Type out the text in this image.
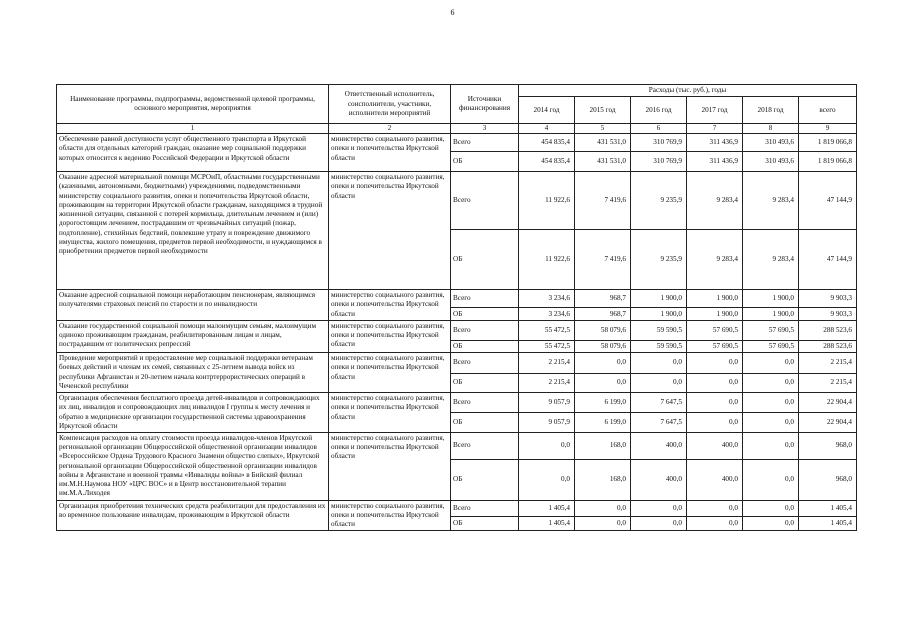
6
Наименование программы, подпрограммы, ведомственной целевой программы, основного мероприятия, мероприятия	Ответственный исполнитель, соисполнители, участники, исполнители мероприятий	Источники финансирования	Расходы (тыс. руб.), годы					
			2014 год	2015 год	2016 год	2017 год	2018 год	всего
1	2	3	4	5	6	7	8	9
Обеспечение равной доступности услуг общественного транспорта в Иркутской области для отдельных категорий граждан, оказание мер социальной поддержки которых относится к ведению Российской Федерации и Иркутской области	министерство социального развития, опеки и попечительства Иркутской области	Всего	454 835,4	431 531,0	310 769,9	311 436,9	310 493,6	1 819 066,8
		ОБ	454 835,4	431 531,0	310 769,9	311 436,9	310 493,6	1 819 066,8
Оказание адресной материальной помощи МСРОиП, областными государственными (казенными, автономными, бюджетными) учреждениями, подведомственными министерству социального развития, опеки и попечительства Иркутской области, проживающим на территории Иркутской области гражданам, находящимся в трудной жизненной ситуации, связанной с потерей кормильца, длительным лечением и (или) дорогостоящим лечением, пострадавшим от чрезвычайных ситуаций (пожар, подтопление), стихийных бедствий, повлекшие утрату и повреждение движимого имущества, жилого помещения, предметов первой необходимости, и нуждающимся в приобретении предметов первой необходимости	министерство социального развития, опеки и попечительства Иркутской области	Всего	11 922,6	7 419,6	9 235,9	9 283,4	9 283,4	47 144,9
		ОБ	11 922,6	7 419,6	9 235,9	9 283,4	9 283,4	47 144,9
Оказание адресной социальной помощи неработающим пенсионерам, являющимся получателями страховых пенсий по старости и по инвалидности	министерство социального развития, опеки и попечительства Иркутской области	Всего	3 234,6	968,7	1 900,0	1 900,0	1 900,0	9 903,3
		ОБ	3 234,6	968,7	1 900,0	1 900,0	1 900,0	9 903,3
Оказание государственной социальной помощи малоимущим семьям, малоимущим одиноко проживающим гражданам, реабилитированным лицам и лицам, пострадавшим от политических репрессий	министерство социального развития, опеки и попечительства Иркутской области	Всего	55 472,5	58 079,6	59 590,5	57 690,5	57 690,5	288 523,6
		ОБ	55 472,5	58 079,6	59 590,5	57 690,5	57 690,5	288 523,6
Проведение мероприятий и предоставление мер социальной поддержки ветеранам боевых действий и членам их семей, связанных с 25-летием вывода войск из республики Афганистан и 20-летием начала контртеррористических операций в Чеченской республики	министерство социального развития, опеки и попечительства Иркутской области	Всего	2 215,4	0,0	0,0	0,0	0,0	2 215,4
		ОБ	2 215,4	0,0	0,0	0,0	0,0	2 215,4
Организация обеспечения бесплатного проезда детей-инвалидов и сопровождающих их лиц, инвалидов и сопровождающих лиц инвалидов I группы к месту лечения и обратно в медицинские организации государственной системы здравоохранения Иркутской области	министерство социального развития, опеки и попечительства Иркутской области	Всего	9 057,9	6 199,0	7 647,5	0,0	0,0	22 904,4
		ОБ	9 057,9	6 199,0	7 647,5	0,0	0,0	22 904,4
Компенсация расходов на оплату стоимости проезда инвалидов-членов Иркутской региональной организации Общероссийской общественной организации инвалидов «Всероссийское Ордена Трудового Красного Знамени общество слепых», Иркутской региональной организации Общероссийской общественной организации инвалидов войны в Афганистане и военной травмы «Инвалиды войны» в Бийский филиал им.М.Н.Наумова НОУ «ЦРС ВОС» и в Центр восстановительной терапии им.М.А.Лиходея	министерство социального развития, опеки и попечительства Иркутской области	Всего	0,0	168,0	400,0	400,0	0,0	968,0
		ОБ	0,0	168,0	400,0	400,0	0,0	968,0
Организация приобретения технических средств реабилитации для предоставления их во временное пользование инвалидам, проживающим в Иркутской области	министерство социального развития, опеки и попечительства Иркутской области	Всего	1 405,4	0,0	0,0	0,0	0,0	1 405,4
		ОБ	1 405,4	0,0	0,0	0,0	0,0	1 405,4
